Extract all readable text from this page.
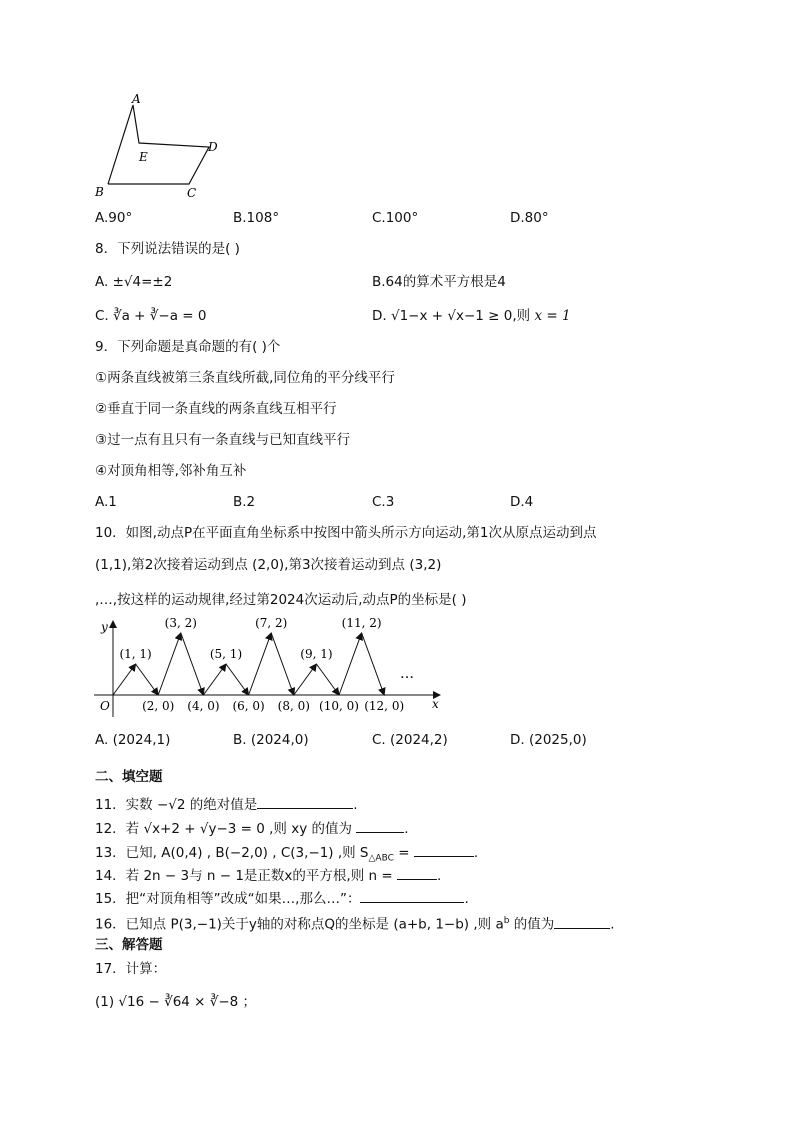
A
E
D
B	C
A.90°	B.108°	C.100°	D.80°
8．下列说法错误的是( )
A. ±√4=±2	B.64的算术平方根是4
C. ∛a + ∛−a = 0	D. √1−x + √x−1 ≥ 0,则 x = 1
9．下列命题是真命题的有( )个
①两条直线被第三条直线所截,同位角的平分线平行
②垂直于同一条直线的两条直线互相平行
③过一点有且只有一条直线与已知直线平行
④对顶角相等,邻补角互补
A.1	B.2	C.3	D.4
10．如图,动点P在平面直角坐标系中按图中箭头所示方向运动,第1次从原点运动到点
(1,1),第2次接着运动到点 (2,0),第3次接着运动到点 (3,2)
,…,按这样的运动规律,经过第2024次运动后,动点P的坐标是( )
y
x
O
…
(1, 1)
(3, 2)
(5, 1)
(7, 2)
(9, 1)
(11, 2)
(2, 0) (4, 0) (6, 0) (8, 0) (10, 0) (12, 0)
A. (2024,1)	B. (2024,0)	C. (2024,2)	D. (2025,0)
二、填空题
11．实数 −√2 的绝对值是	.
12．若 √x+2 + √y−3 = 0 ,则 xy 的值为	.
13．已知, A(0,4) , B(−2,0) , C(3,−1) ,则 $S_{\triangle ABC}$ =	.
14．若 2n − 3与 n − 1是正数x的平方根,则 n =	.
15．把“对顶角相等”改成“如果…,那么…”：	.
16．已知点 P(3,−1)关于y轴的对称点Q的坐标是 (a+b, 1−b) ,则 $a^b$ 的值为	.
三、解答题
17．计算：
(1) √16 − ∛64 × ∛−8 ；
